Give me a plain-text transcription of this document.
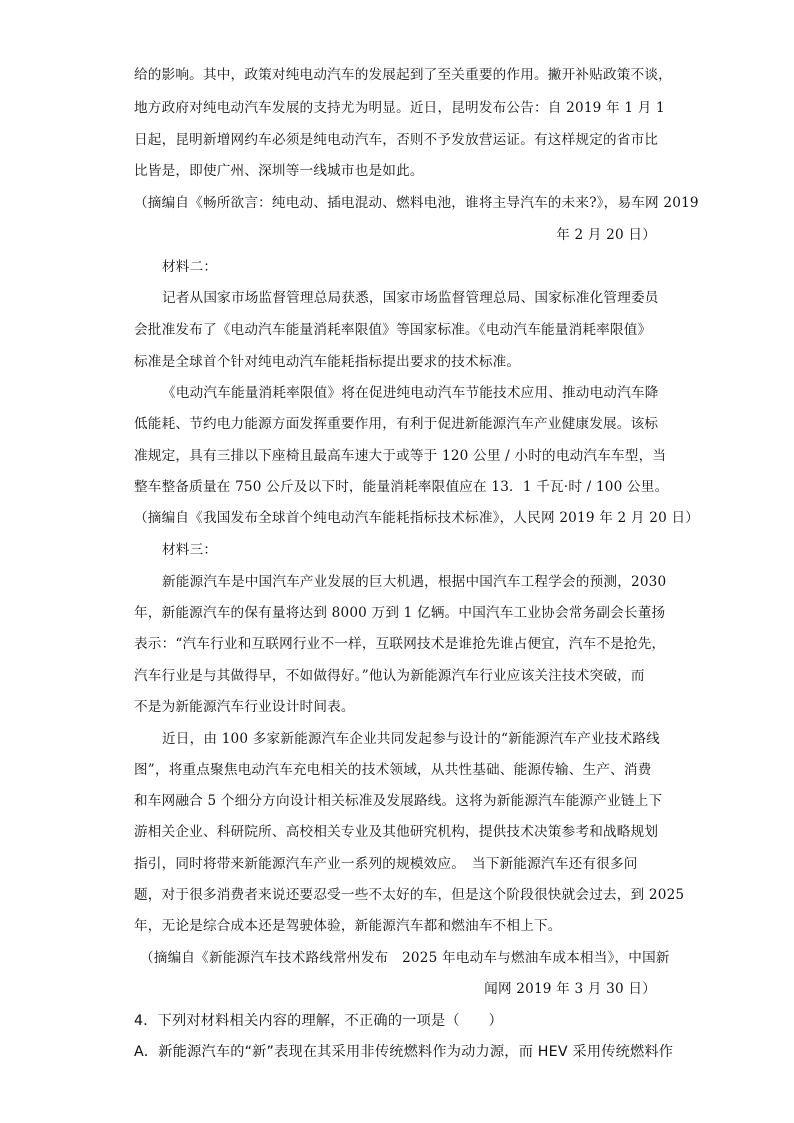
给的影响。其中，政策对纯电动汽车的发展起到了至关重要的作用。撇开补贴政策不谈，
地方政府对纯电动汽车发展的支持尤为明显。近日，昆明发布公告：自 2019 年 1 月 1
日起，昆明新增网约车必须是纯电动汽车，否则不予发放营运证。有这样规定的省市比
比皆是，即使广州、深圳等一线城市也是如此。
（摘编自《畅所欲言：纯电动、插电混动、燃料电池，谁将主导汽车的未来?》，易车网 2019
年 2 月 20 日）
材料二：
记者从国家市场监督管理总局获悉，国家市场监督管理总局、国家标准化管理委员
会批准发布了《电动汽车能量消耗率限值》等国家标准。《电动汽车能量消耗率限值》
标准是全球首个针对纯电动汽车能耗指标提出要求的技术标准。
《电动汽车能量消耗率限值》将在促进纯电动汽车节能技术应用、推动电动汽车降
低能耗、节约电力能源方面发挥重要作用，有利于促进新能源汽车产业健康发展。该标
准规定，具有三排以下座椅且最高车速大于或等于 120 公里 / 小时的电动汽车车型，当
整车整备质量在 750 公斤及以下时，能量消耗率限值应在 13．1 千瓦·时 / 100 公里。
（摘编自《我国发布全球首个纯电动汽车能耗指标技术标准》，人民网 2019 年 2 月 20 日）
材料三：
新能源汽车是中国汽车产业发展的巨大机遇，根据中国汽车工程学会的预测，2030
年，新能源汽车的保有量将达到 8000 万到 1 亿辆。中国汽车工业协会常务副会长董扬
表示：“汽车行业和互联网行业不一样，互联网技术是谁抢先谁占便宜，汽车不是抢先，
汽车行业是与其做得早，不如做得好。”他认为新能源汽车行业应该关注技术突破，而
不是为新能源汽车行业设计时间表。
近日，由 100 多家新能源汽车企业共同发起参与设计的“新能源汽车产业技术路线
图”，将重点聚焦电动汽车充电相关的技术领域，从共性基础、能源传输、生产、消费
和车网融合 5 个细分方向设计相关标准及发展路线。这将为新能源汽车能源产业链上下
游相关企业、科研院所、高校相关专业及其他研究机构，提供技术决策参考和战略规划
指引，同时将带来新能源汽车产业一系列的规模效应。　当下新能源汽车还有很多问
题，对于很多消费者来说还要忍受一些不太好的车，但是这个阶段很快就会过去，到 2025
年，无论是综合成本还是驾驶体验，新能源汽车都和燃油车不相上下。
（摘编自《新能源汽车技术路线常州发布　2025 年电动车与燃油车成本相当》，中国新
闻网 2019 年 3 月 30 日）
4．下列对材料相关内容的理解，不正确的一项是（　　）
A．新能源汽车的“新”表现在其采用非传统燃料作为动力源，而 HEV 采用传统燃料作
